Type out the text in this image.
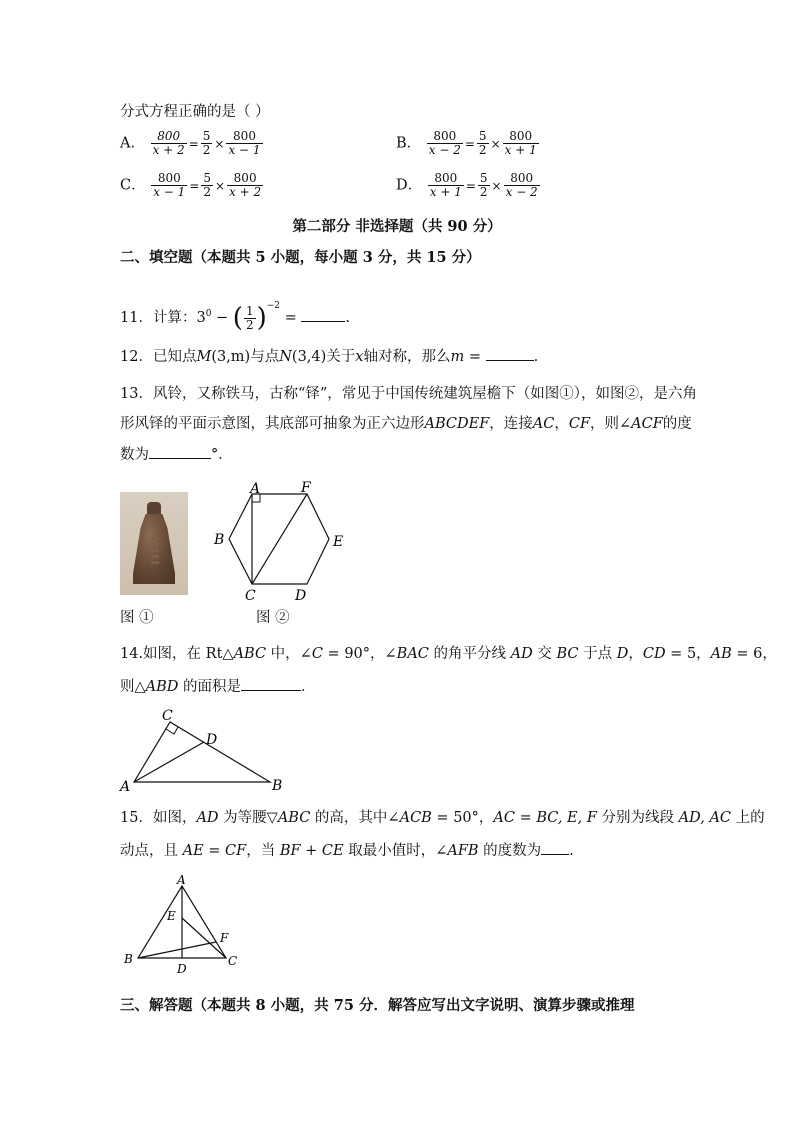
分式方程正确的是（ ）
A． $\frac{800}{x + 2} = \frac{5}{2} \times \frac{800}{x - 1}$	B． $\frac{800}{x - 2} = \frac{5}{2} \times \frac{800}{x + 1}$
C． $\frac{800}{x - 1} = \frac{5}{2} \times \frac{800}{x + 2}$	D． $\frac{800}{x + 1} = \frac{5}{2} \times \frac{800}{x - 2}$
第二部分 非选择题（共 90 分）
二、填空题（本题共 5 小题，每小题 3 分，共 15 分）
11．计算：$3^0$ − ( $\frac{1}{2} )^{-2}$ =	.
12．已知点M(3,m)与点N(3,4)关于x轴对称，那么m =	.
13．风铃，又称铁马，古称“铎”，常见于中国传统建筑屋檐下（如图①），如图②，是六角
形风铎的平面示意图，其底部可抽象为正六边形ABCDEF，连接AC，CF，则∠ACF的度
数为	°．
A	F
B	E
C	D
图 ①	图 ②
14.如图，在 Rt△ABC 中，∠C = 90°，∠BAC 的角平分线 AD 交 BC 于点 D，CD = 5，AB = 6，
则△ABD 的面积是	．
C
D
A	B
15．如图，AD 为等腰▽ABC 的高，其中∠ACB = 50°，AC = BC, E, F 分别为线段 AD, AC 上的
动点，且 AE = CF，当 BF + CE 取最小值时，∠AFB 的度数为 .
A
E
F
B
D
C
三、解答题（本题共 8 小题，共 75 分．解答应写出文字说明、演算步骤或推理
